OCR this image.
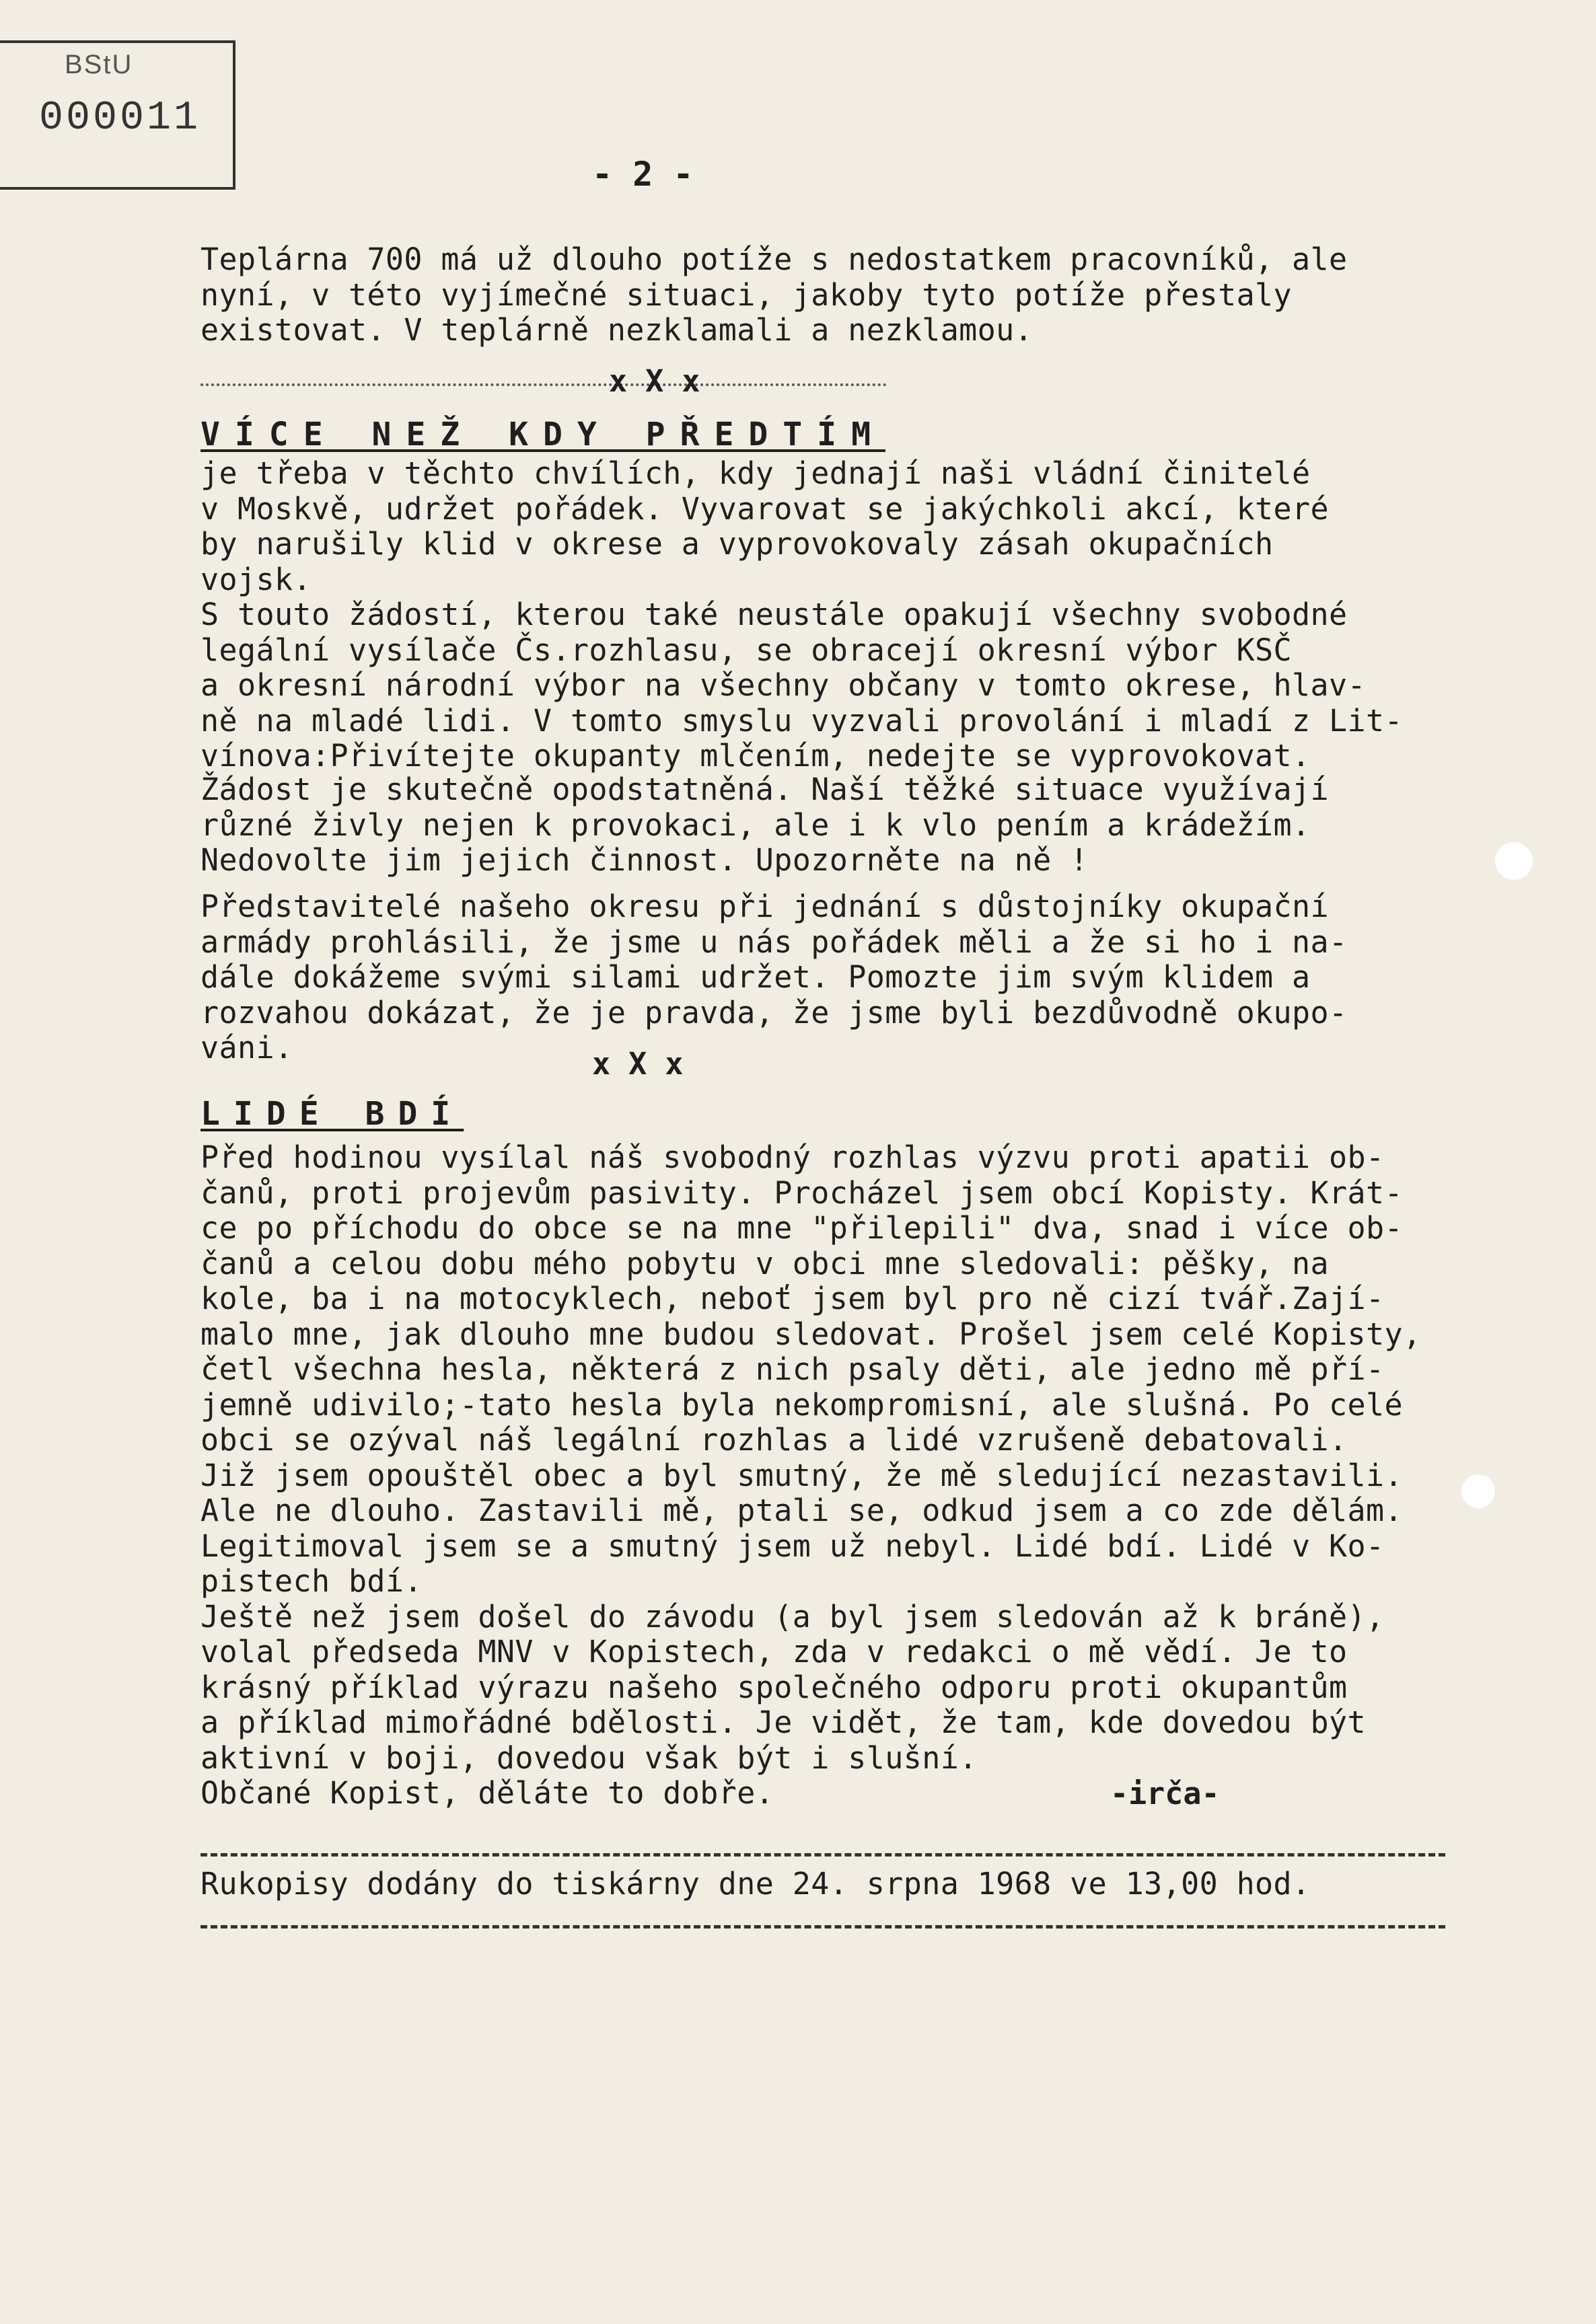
BStU
000011
- 2 -
Teplárna 700 má už dlouho potíže s nedostatkem pracovníků, ale
nyní, v této vyjímečné situaci, jakoby tyto potíže přestaly
existovat. V teplárně nezklamali a nezklamou.
x X x
VÍCE NEŽ KDY PŘEDTÍM
je třeba v těchto chvílích, kdy jednají naši vládní činitelé
v Moskvě, udržet pořádek. Vyvarovat se jakýchkoli akcí, které
by narušily klid v okrese a vyprovokovaly zásah okupačních
vojsk.
S touto žádostí, kterou také neustále opakují všechny svobodné
legální vysílače Čs.rozhlasu, se obracejí okresní výbor KSČ
a okresní národní výbor na všechny občany v tomto okrese, hlav-
ně na mladé lidi. V tomto smyslu vyzvali provolání i mladí z Lit-
vínova:Přivítejte okupanty mlčením, nedejte se vyprovokovat.
Žádost je skutečně opodstatněná. Naší těžké situace využívají
různé živly nejen k provokaci, ale i k vlo pením a krádežím.
Nedovolte jim jejich činnost. Upozorněte na ně !
Představitelé našeho okresu při jednání s důstojníky okupační
armády prohlásili, že jsme u nás pořádek měli a že si ho i na-
dále dokážeme svými silami udržet. Pomozte jim svým klidem a
rozvahou dokázat, že je pravda, že jsme byli bezdůvodně okupo-
váni.	x X x
LIDÉ BDÍ
Před hodinou vysílal náš svobodný rozhlas výzvu proti apatii ob-
čanů, proti projevům pasivity. Procházel jsem obcí Kopisty. Krát-
ce po příchodu do obce se na mne "přilepili" dva, snad i více ob-
čanů a celou dobu mého pobytu v obci mne sledovali: pěšky, na
kole, ba i na motocyklech, neboť jsem byl pro ně cizí tvář.Zají-
malo mne, jak dlouho mne budou sledovat. Prošel jsem celé Kopisty,
četl všechna hesla, některá z nich psaly děti, ale jedno mě pří-
jemně udivilo;-tato hesla byla nekompromisní, ale slušná. Po celé
obci se ozýval náš legální rozhlas a lidé vzrušeně debatovali.
Již jsem opouštěl obec a byl smutný, že mě sledující nezastavili.
Ale ne dlouho. Zastavili mě, ptali se, odkud jsem a co zde dělám.
Legitimoval jsem se a smutný jsem už nebyl. Lidé bdí. Lidé v Ko-
pistech bdí.
Ještě než jsem došel do závodu (a byl jsem sledován až k bráně),
volal předseda MNV v Kopistech, zda v redakci o mě vědí. Je to
krásný příklad výrazu našeho společného odporu proti okupantům
a příklad mimořádné bdělosti. Je vidět, že tam, kde dovedou být
aktivní v boji, dovedou však být i slušní.
Občané Kopist, děláte to dobře.	-irča-
Rukopisy dodány do tiskárny dne 24. srpna 1968 ve 13,00 hod.
